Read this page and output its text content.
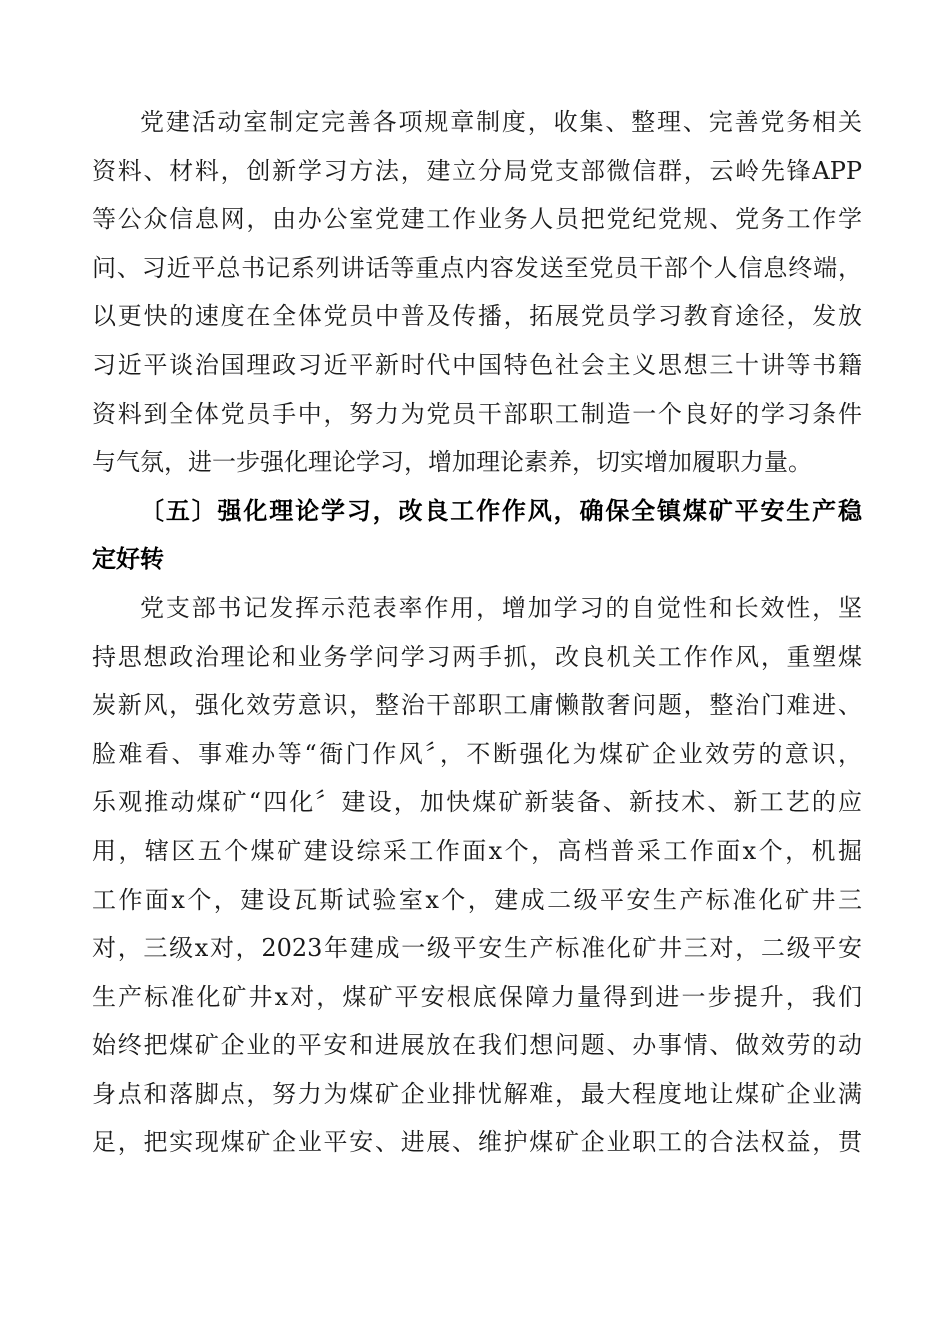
党建活动室制定完善各项规章制度，收集、整理、完善党务相关
资料、材料，创新学习方法，建立分局党支部微信群，云岭先锋APP
等公众信息网，由办公室党建工作业务人员把党纪党规、党务工作学
问、习近平总书记系列讲话等重点内容发送至党员干部个人信息终端，
以更快的速度在全体党员中普及传播，拓展党员学习教育途径，发放
习近平谈治国理政习近平新时代中国特色社会主义思想三十讲等书籍
资料到全体党员手中，努力为党员干部职工制造一个良好的学习条件
与气氛，进一步强化理论学习，增加理论素养，切实增加履职力量。
〔五〕强化理论学习，改良工作作风，确保全镇煤矿平安生产稳
定好转
党支部书记发挥示范表率作用，增加学习的自觉性和长效性，坚
持思想政治理论和业务学问学习两手抓，改良机关工作作风，重塑煤
炭新风，强化效劳意识，整治干部职工庸懒散奢问题，整治门难进、
脸难看、事难办等“衙门作风〞，不断强化为煤矿企业效劳的意识，
乐观推动煤矿“四化〞建设，加快煤矿新装备、新技术、新工艺的应
用，辖区五个煤矿建设综采工作面x个，高档普采工作面x个，机掘
工作面x个，建设瓦斯试验室x个，建成二级平安生产标准化矿井三
对，三级x对，2023年建成一级平安生产标准化矿井三对，二级平安
生产标准化矿井x对，煤矿平安根底保障力量得到进一步提升，我们
始终把煤矿企业的平安和进展放在我们想问题、办事情、做效劳的动
身点和落脚点，努力为煤矿企业排忧解难，最大程度地让煤矿企业满
足，把实现煤矿企业平安、进展、维护煤矿企业职工的合法权益，贯
